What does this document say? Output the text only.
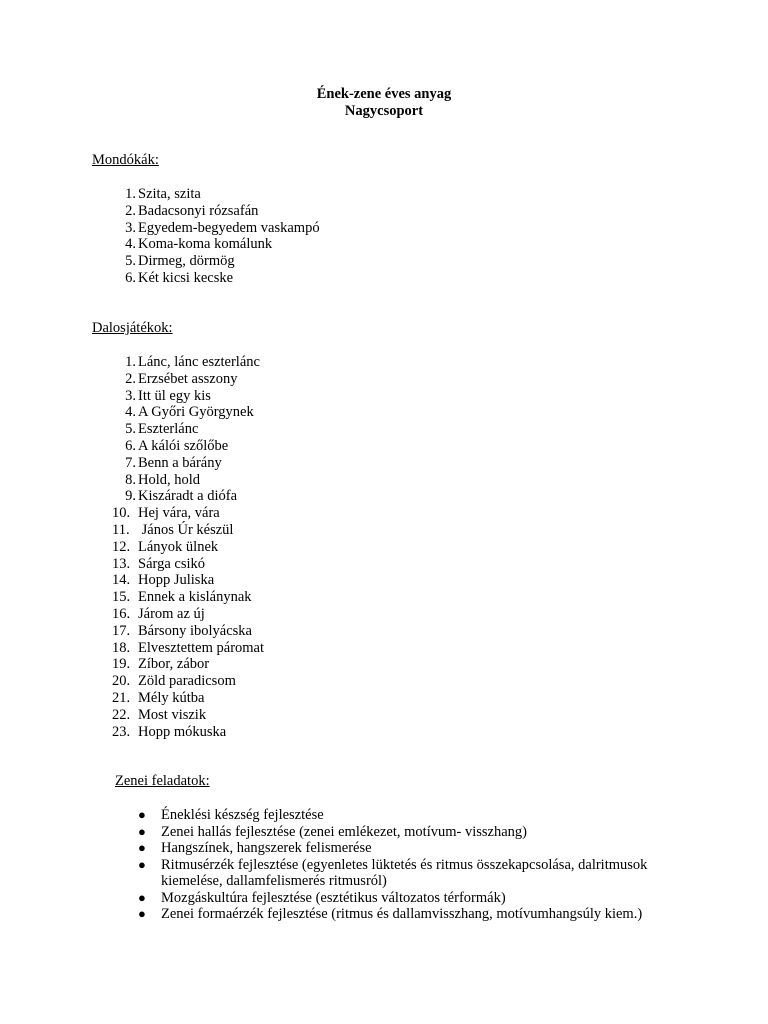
Ének-zene éves anyag
Nagycsoport
Mondókák:
1. Szita, szita
2. Badacsonyi rózsafán
3. Egyedem-begyedem vaskampó
4. Koma-koma komálunk
5. Dirmeg, dörmög
6. Két kicsi kecske
Dalosjátékok:
1. Lánc, lánc eszterlánc
2. Erzsébet asszony
3. Itt ül egy kis
4. A Győri Györgynek
5. Eszterlánc
6. A kálói szőlőbe
7. Benn a bárány
8. Hold, hold
9. Kiszáradt a diófa
10. Hej vára, vára
11. János Úr készül
12. Lányok ülnek
13. Sárga csikó
14. Hopp Juliska
15. Ennek a kislánynak
16. Járom az új
17. Bársony ibolyácska
18. Elvesztettem páromat
19. Zíbor, zábor
20. Zöld paradicsom
21. Mély kútba
22. Most viszik
23. Hopp mókuska
Zenei feladatok:
● Éneklési készség fejlesztése
● Zenei hallás fejlesztése (zenei emlékezet, motívum- visszhang)
● Hangszínek, hangszerek felismerése
● Ritmusérzék fejlesztése (egyenletes lüktetés és ritmus összekapcsolása, dalritmusok kiemelése, dallamfelismerés ritmusról)
● Mozgáskultúra fejlesztése (esztétikus változatos térformák)
● Zenei formaérzék fejlesztése (ritmus és dallamvisszhang, motívumhangsúly kiem.)
